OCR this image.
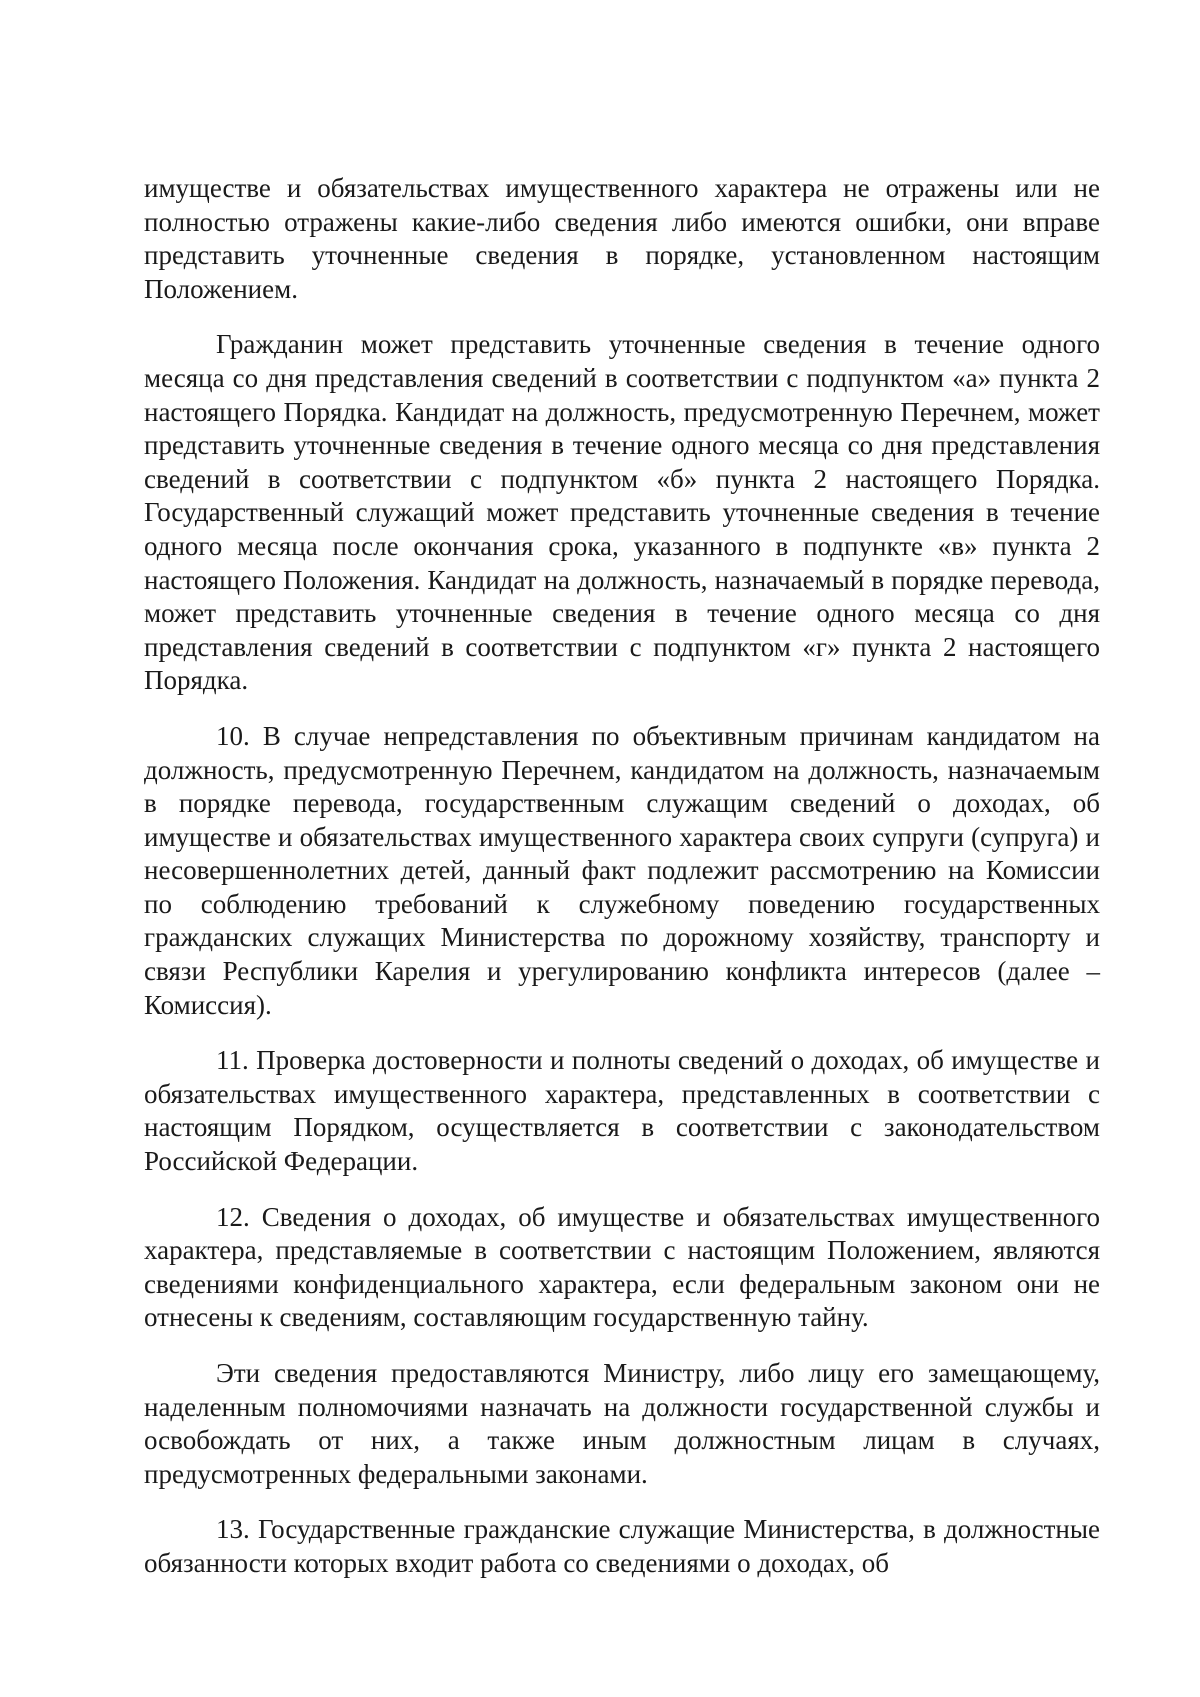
имуществе и обязательствах имущественного характера не отражены или не полностью отражены какие-либо сведения либо имеются ошибки, они вправе представить уточненные сведения в порядке, установленном настоящим Положением.

Гражданин может представить уточненные сведения в течение одного месяца со дня представления сведений в соответствии с подпунктом «а» пункта 2 настоящего Порядка. Кандидат на должность, предусмотренную Перечнем, может представить уточненные сведения в течение одного месяца со дня представления сведений в соответствии с подпунктом «б» пункта 2 настоящего Порядка. Государственный служащий может представить уточненные сведения в течение одного месяца после окончания срока, указанного в подпункте «в» пункта 2 настоящего Положения. Кандидат на должность, назначаемый в порядке перевода, может представить уточненные сведения в течение одного месяца со дня представления сведений в соответствии с подпунктом «г» пункта 2 настоящего Порядка.

10. В случае непредставления по объективным причинам кандидатом на должность, предусмотренную Перечнем, кандидатом на должность, назначаемым в порядке перевода, государственным служащим сведений о доходах, об имуществе и обязательствах имущественного характера своих супруги (супруга) и несовершеннолетних детей, данный факт подлежит рассмотрению на Комиссии по соблюдению требований к служебному поведению государственных гражданских служащих Министерства по дорожному хозяйству, транспорту и связи Республики Карелия и урегулированию конфликта интересов (далее – Комиссия).

11. Проверка достоверности и полноты сведений о доходах, об имуществе и обязательствах имущественного характера, представленных в соответствии с настоящим Порядком, осуществляется в соответствии с законодательством Российской Федерации.

12. Сведения о доходах, об имуществе и обязательствах имущественного характера, представляемые в соответствии с настоящим Положением, являются сведениями конфиденциального характера, если федеральным законом они не отнесены к сведениям, составляющим государственную тайну.

Эти сведения предоставляются Министру, либо лицу его замещающему, наделенным полномочиями назначать на должности государственной службы и освобождать от них, а также иным должностным лицам в случаях, предусмотренных федеральными законами.

13. Государственные гражданские служащие Министерства, в должностные обязанности которых входит работа со сведениями о доходах, об
